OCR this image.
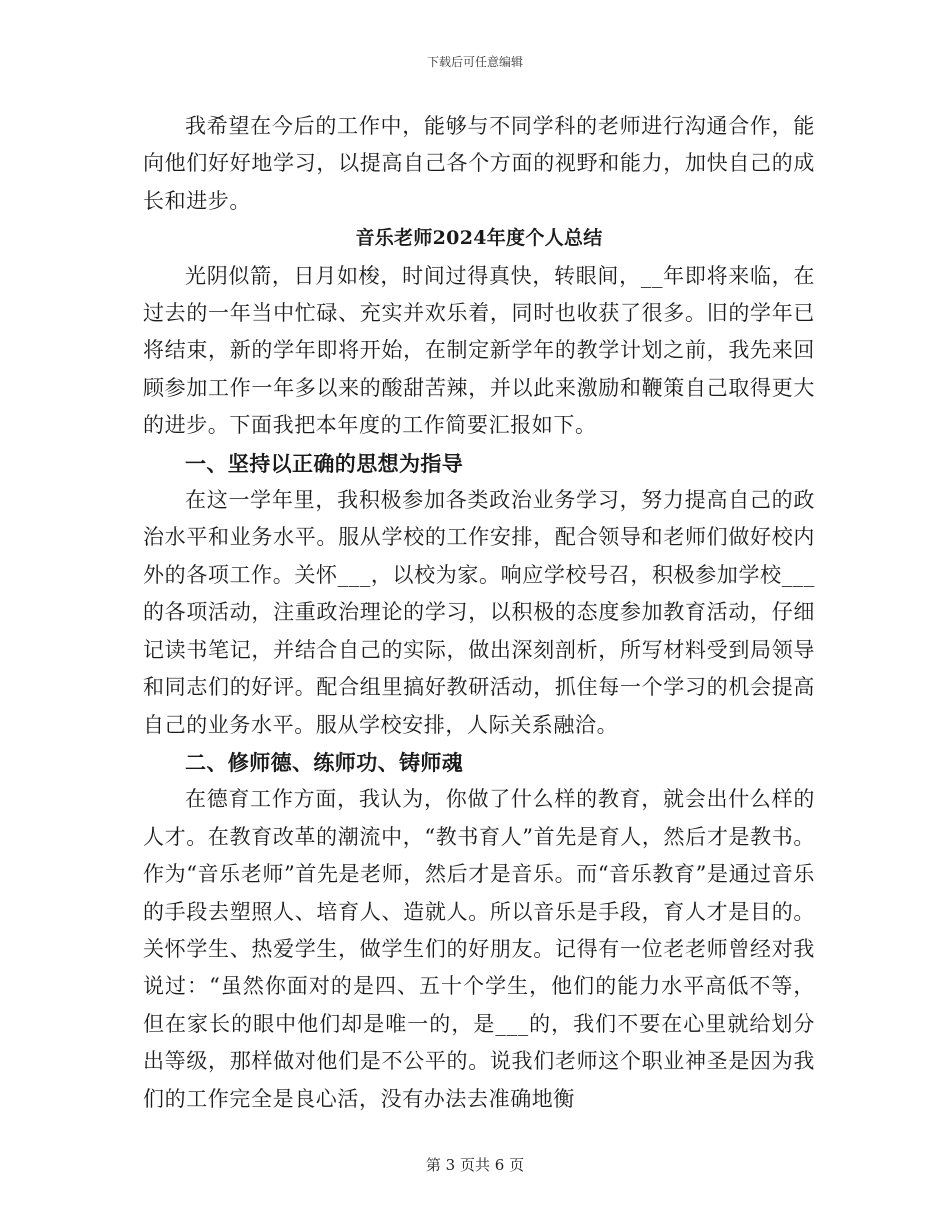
下载后可任意编辑

我希望在今后的工作中，能够与不同学科的老师进行沟通合作，能向他们好好地学习，以提高自己各个方面的视野和能力，加快自己的成长和进步。

音乐老师2024年度个人总结

光阴似箭，日月如梭，时间过得真快，转眼间，__年即将来临，在过去的一年当中忙碌、充实并欢乐着，同时也收获了很多。旧的学年已将结束，新的学年即将开始，在制定新学年的教学计划之前，我先来回顾参加工作一年多以来的酸甜苦辣，并以此来激励和鞭策自己取得更大的进步。下面我把本年度的工作简要汇报如下。

一、坚持以正确的思想为指导

在这一学年里，我积极参加各类政治业务学习，努力提高自己的政治水平和业务水平。服从学校的工作安排，配合领导和老师们做好校内外的各项工作。关怀___，以校为家。响应学校号召，积极参加学校___的各项活动，注重政治理论的学习，以积极的态度参加教育活动，仔细记读书笔记，并结合自己的实际，做出深刻剖析，所写材料受到局领导和同志们的好评。配合组里搞好教研活动，抓住每一个学习的机会提高自己的业务水平。服从学校安排，人际关系融洽。

二、修师德、练师功、铸师魂

在德育工作方面，我认为，你做了什么样的教育，就会出什么样的人才。在教育改革的潮流中，“教书育人”首先是育人，然后才是教书。作为“音乐老师”首先是老师，然后才是音乐。而“音乐教育”是通过音乐的手段去塑照人、培育人、造就人。所以音乐是手段，育人才是目的。关怀学生、热爱学生，做学生们的好朋友。记得有一位老老师曾经对我说过：“虽然你面对的是四、五十个学生，他们的能力水平高低不等，但在家长的眼中他们却是唯一的，是___的，我们不要在心里就给划分出等级，那样做对他们是不公平的。说我们老师这个职业神圣是因为我们的工作完全是良心活，没有办法去准确地衡

第 3 页共 6 页
